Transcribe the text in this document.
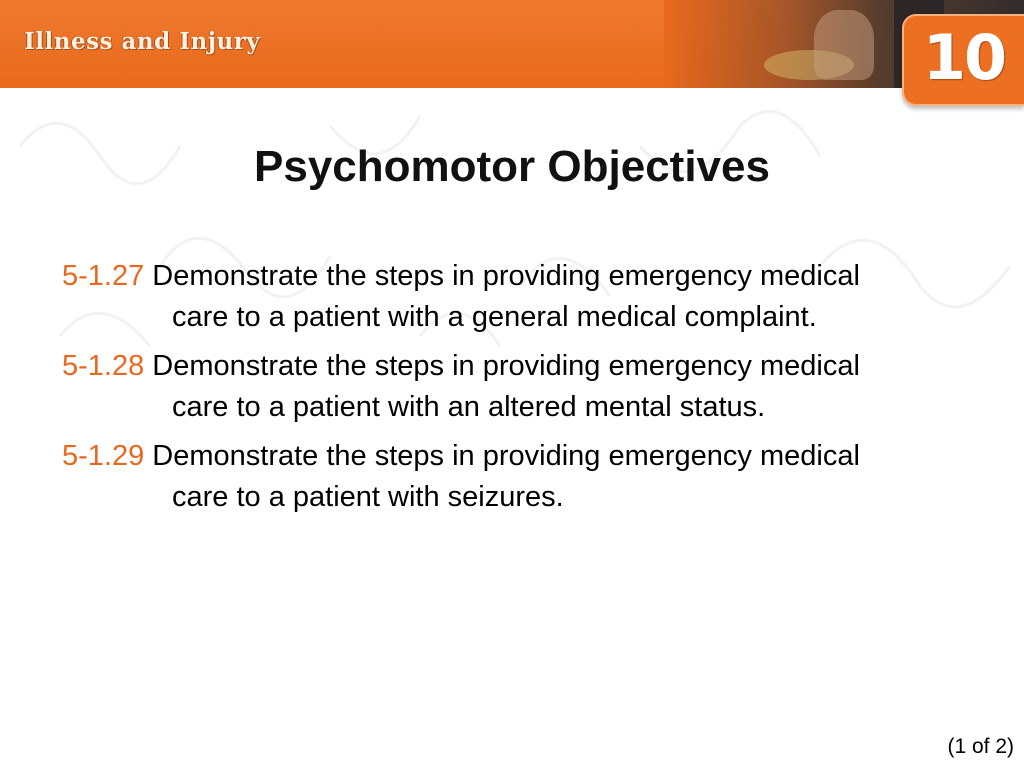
Illness and Injury	10
Psychomotor Objectives
5-1.27 Demonstrate the steps in providing emergency medical care to a patient with a general medical complaint.
5-1.28 Demonstrate the steps in providing emergency medical care to a patient with an altered mental status.
5-1.29 Demonstrate the steps in providing emergency medical care to a patient with seizures.
(1 of 2)
